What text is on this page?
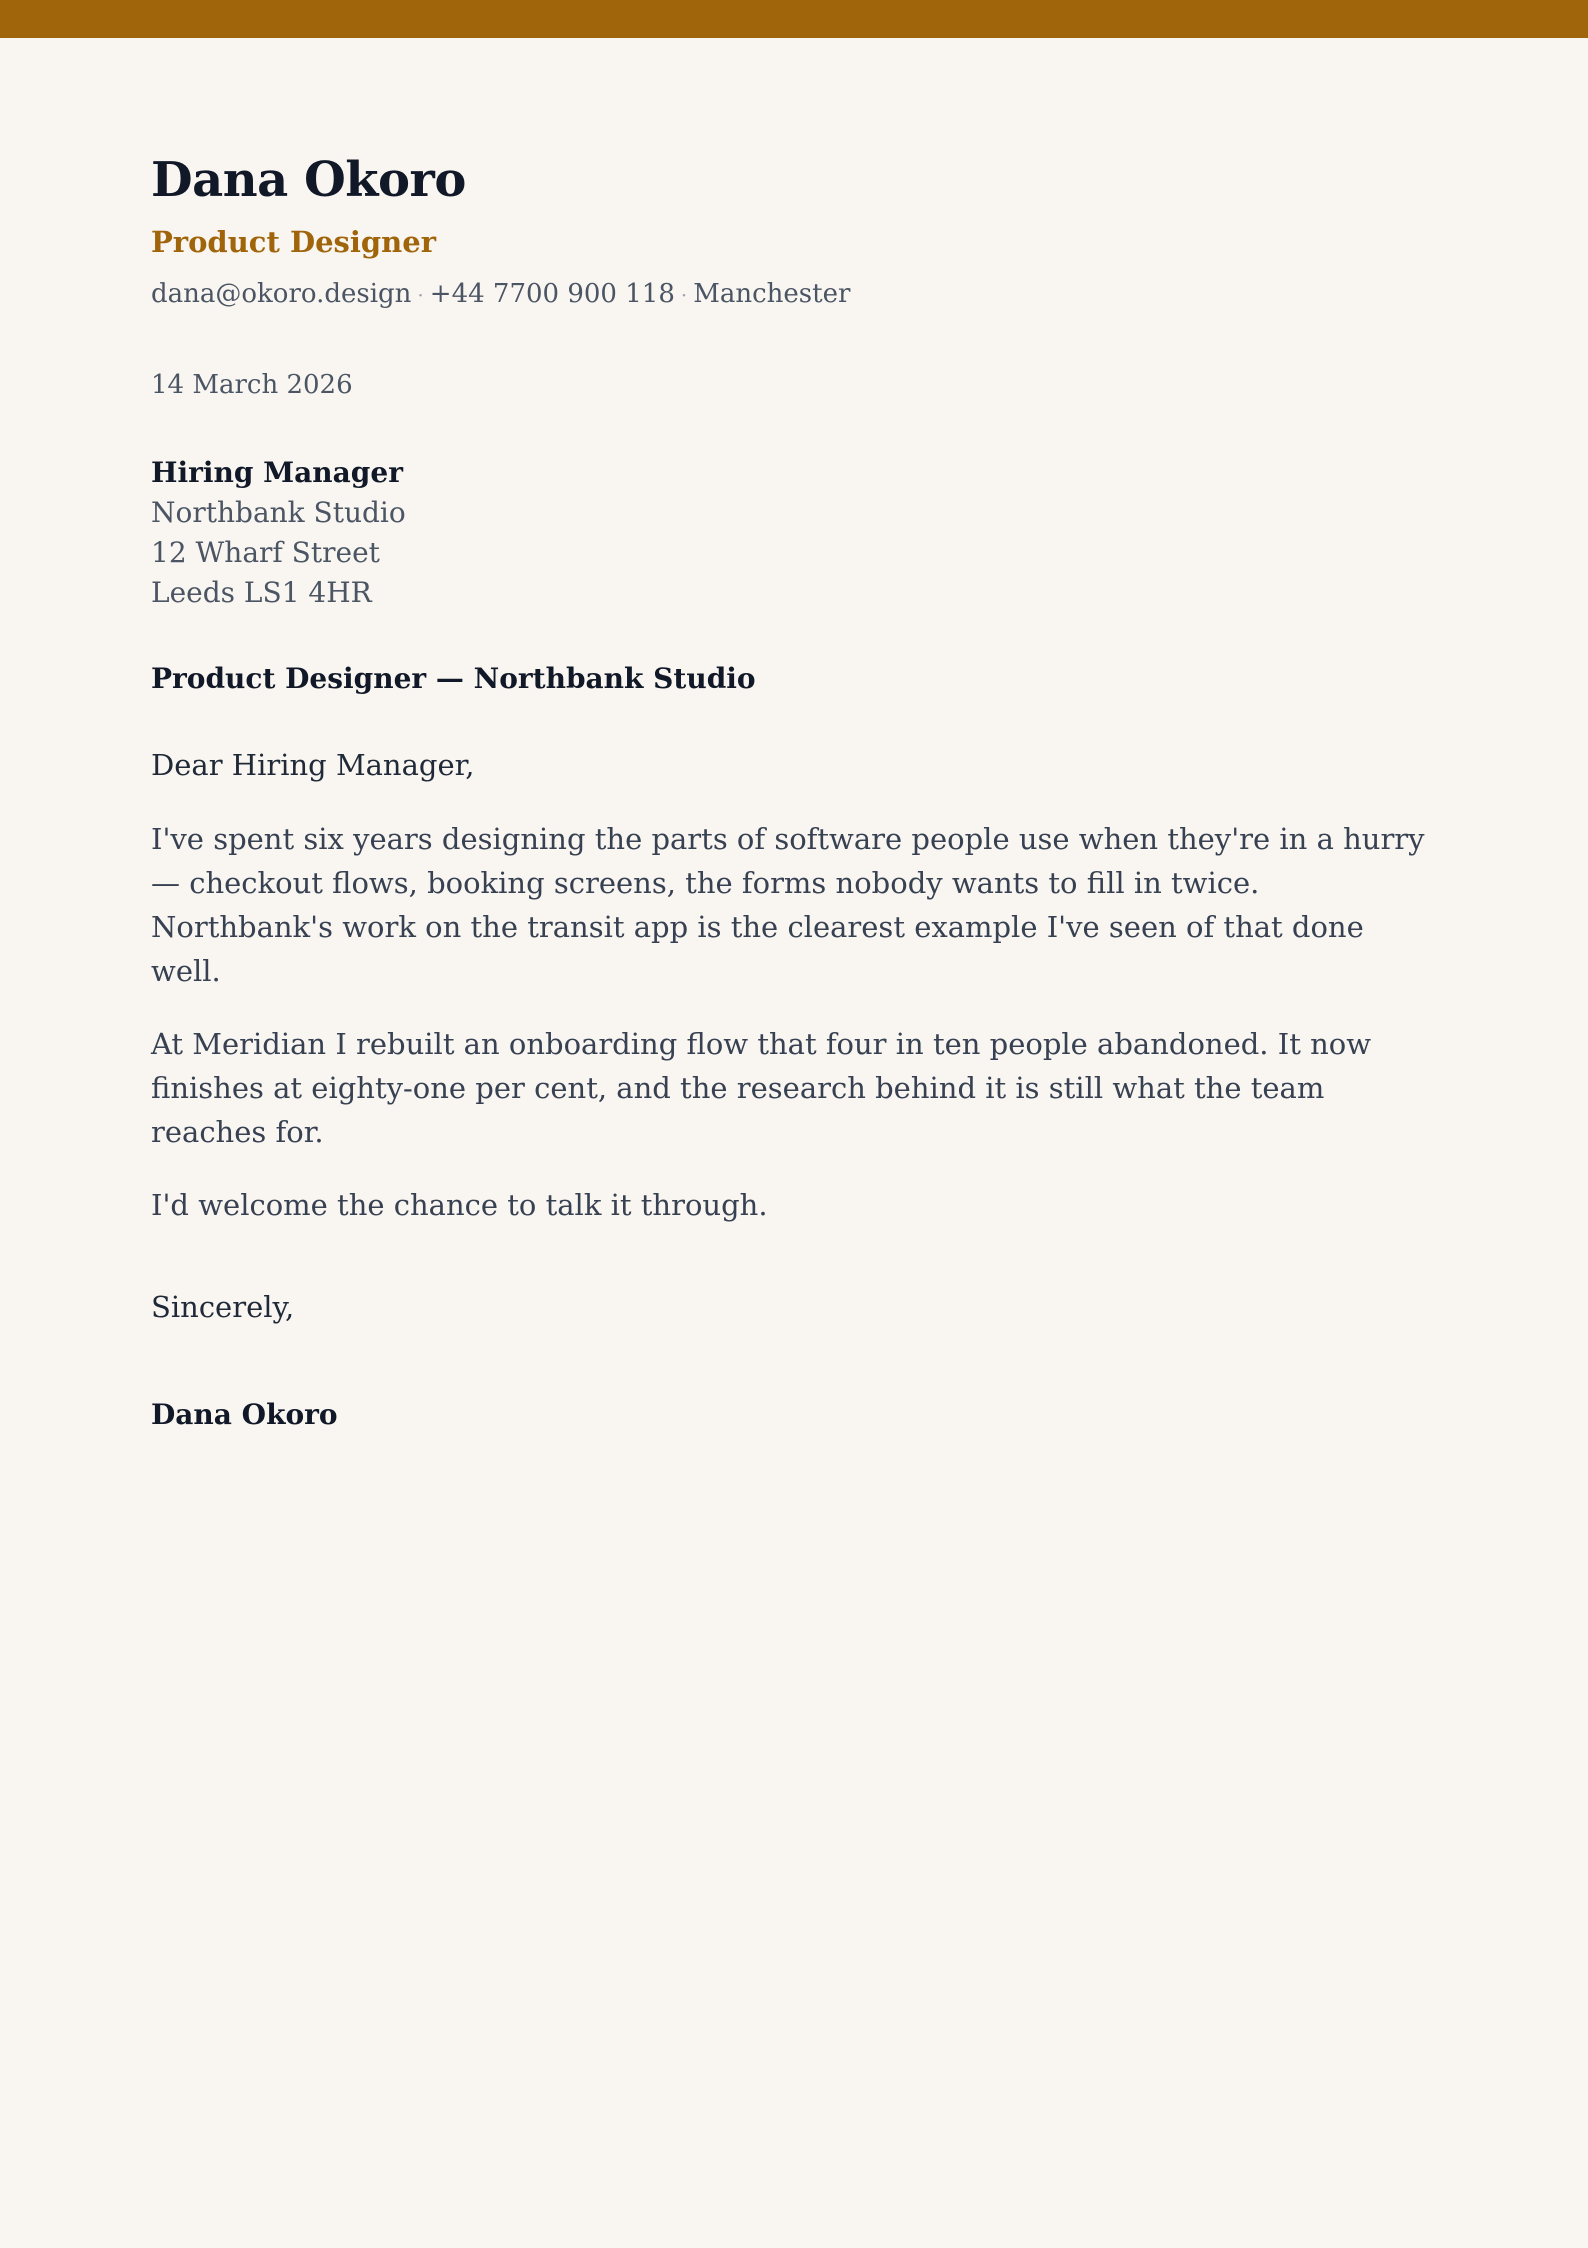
Dana Okoro
Product Designer
dana@okoro.design · +44 7700 900 118 · Manchester
14 March 2026
Hiring Manager
Northbank Studio
12 Wharf Street
Leeds LS1 4HR
Product Designer — Northbank Studio
Dear Hiring Manager,

I've spent six years designing the parts of software people use when they're in a hurry — checkout flows, booking screens, the forms nobody wants to fill in twice. Northbank's work on the transit app is the clearest example I've seen of that done well.

At Meridian I rebuilt an onboarding flow that four in ten people abandoned. It now finishes at eighty-one per cent, and the research behind it is still what the team reaches for.

I'd welcome the chance to talk it through.

Sincerely,
Dana Okoro
